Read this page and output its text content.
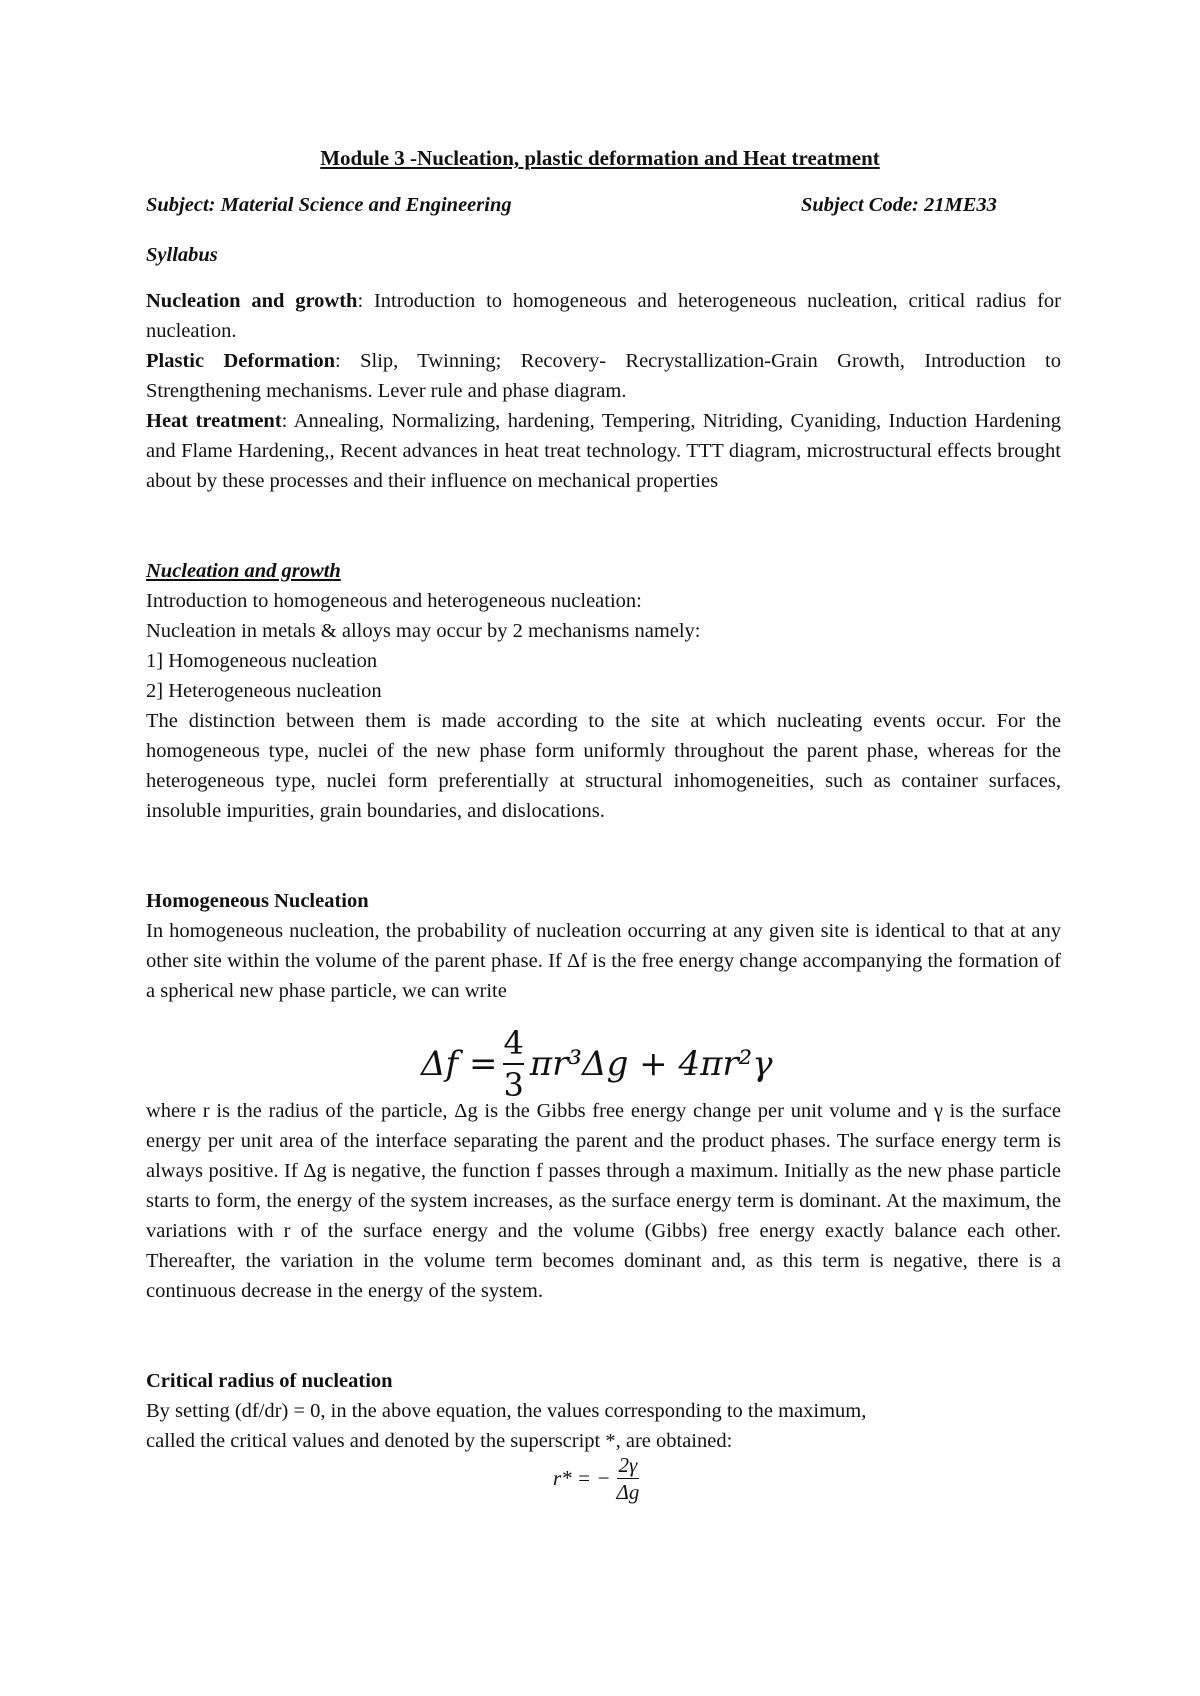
Module 3 -Nucleation, plastic deformation and Heat treatment
Subject: Material Science and Engineering	Subject Code: 21ME33
Syllabus
Nucleation and growth: Introduction to homogeneous and heterogeneous nucleation, critical radius for nucleation.
Plastic Deformation: Slip, Twinning; Recovery- Recrystallization-Grain Growth, Introduction to Strengthening mechanisms. Lever rule and phase diagram.
Heat treatment: Annealing, Normalizing, hardening, Tempering, Nitriding, Cyaniding, Induction Hardening and Flame Hardening,, Recent advances in heat treat technology. TTT diagram, microstructural effects brought about by these processes and their influence on mechanical properties
Nucleation and growth
Introduction to homogeneous and heterogeneous nucleation:
Nucleation in metals & alloys may occur by 2 mechanisms namely:
1] Homogeneous nucleation
2] Heterogeneous nucleation
The distinction between them is made according to the site at which nucleating events occur. For the homogeneous type, nuclei of the new phase form uniformly throughout the parent phase, whereas for the heterogeneous type, nuclei form preferentially at structural inhomogeneities, such as container surfaces, insoluble impurities, grain boundaries, and dislocations.
Homogeneous Nucleation
In homogeneous nucleation, the probability of nucleation occurring at any given site is identical to that at any other site within the volume of the parent phase. If Δf is the free energy change accompanying the formation of a spherical new phase particle, we can write
$\Delta f = \frac{4}{3} \pi r^3\Delta g + 4\pi r^2\gamma$
where r is the radius of the particle, Δg is the Gibbs free energy change per unit volume and γ is the surface energy per unit area of the interface separating the parent and the product phases. The surface energy term is always positive. If Δg is negative, the function f passes through a maximum. Initially as the new phase particle starts to form, the energy of the system increases, as the surface energy term is dominant. At the maximum, the variations with r of the surface energy and the volume (Gibbs) free energy exactly balance each other. Thereafter, the variation in the volume term becomes dominant and, as this term is negative, there is a continuous decrease in the energy of the system.
Critical radius of nucleation
By setting (df/dr) = 0, in the above equation, the values corresponding to the maximum,
called the critical values and denoted by the superscript *, are obtained:
r* = − $\frac{2\gamma}{\Delta g}$
